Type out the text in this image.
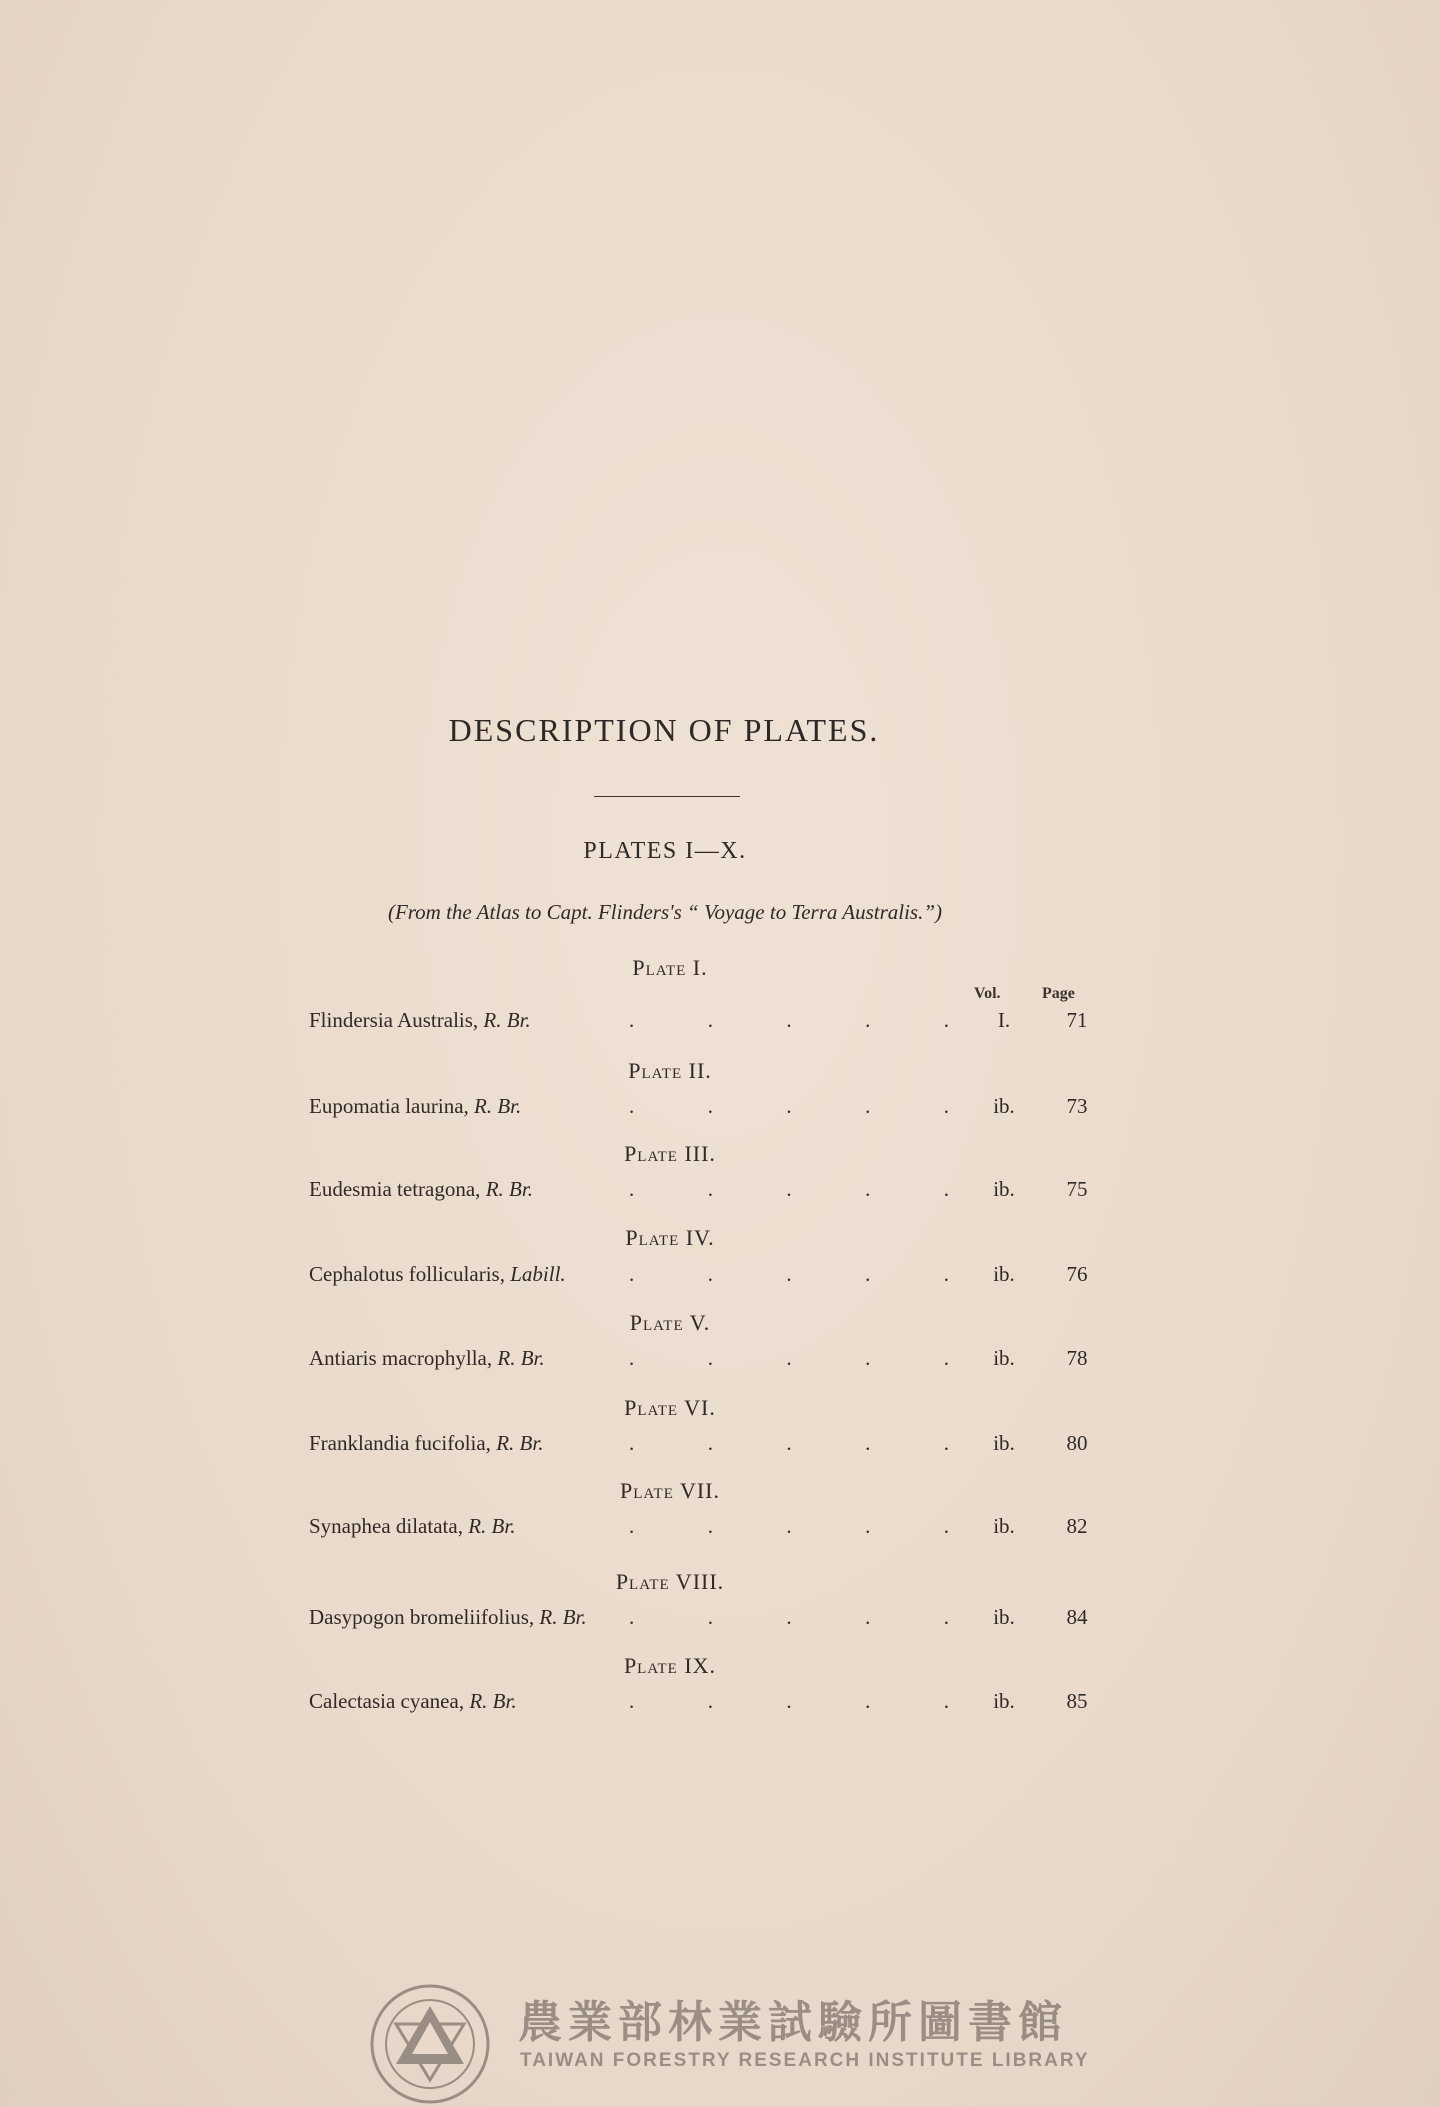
DESCRIPTION OF PLATES.
PLATES I—X.
(From the Atlas to Capt. Flinders's “ Voyage to Terra Australis.”)
Vol.	Page
Plate I.
Flindersia Australis, R. Br.	.	.	.	.	.	I.	71
Plate II.
Eupomatia laurina, R. Br.	.	.	.	.	.	ib.	73
Plate III.
Eudesmia tetragona, R. Br.	.	.	.	.	.	ib.	75
Plate IV.
Cephalotus follicularis, Labill.	.	.	.	.	.	ib.	76
Plate V.
Antiaris macrophylla, R. Br.	.	.	.	.	.	ib.	78
Plate VI.
Franklandia fucifolia, R. Br.	.	.	.	.	.	ib.	80
Plate VII.
Synaphea dilatata, R. Br.	.	.	.	.	.	ib.	82
Plate VIII.
Dasypogon bromeliifolius, R. Br. .	.	.	.	.	ib.	84
Plate IX.
Calectasia cyanea, R. Br.	.	.	.	.	.	ib.	85
農業部林業試驗所圖書館
TAIWAN FORESTRY RESEARCH INSTITUTE LIBRARY
